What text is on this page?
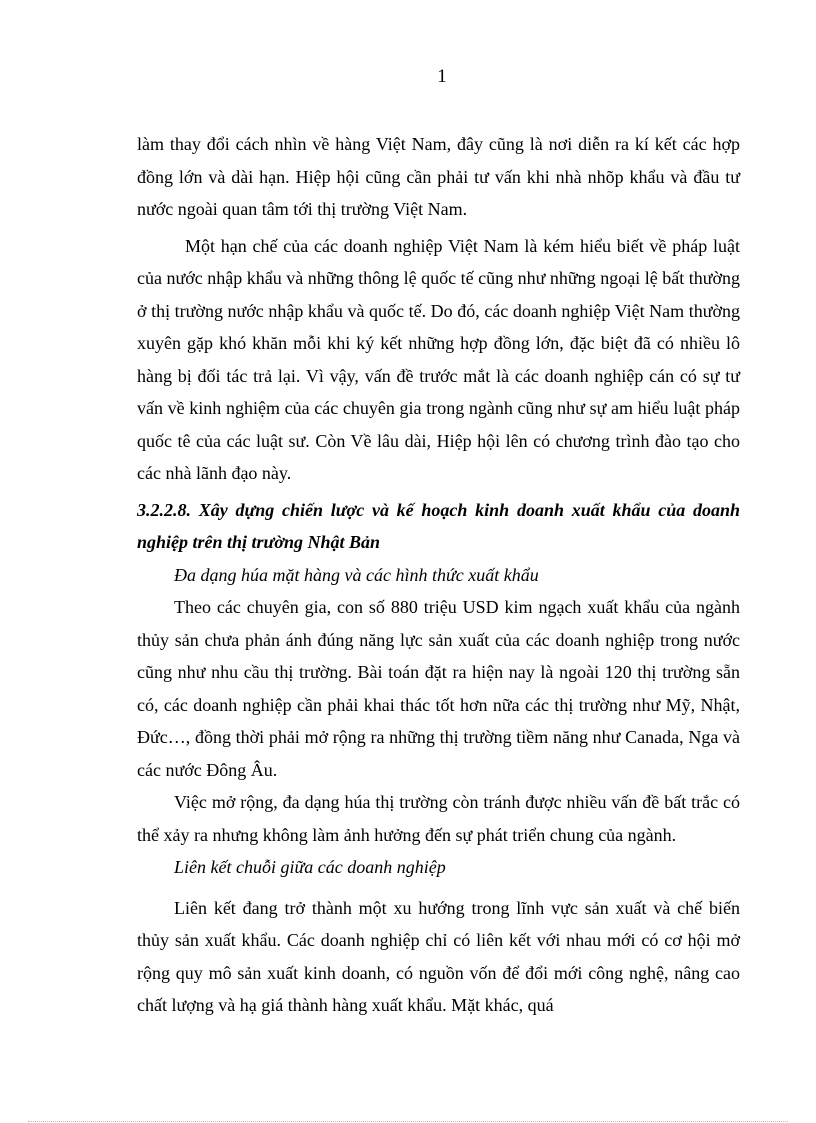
1

làm thay đổi cách nhìn về hàng Việt Nam, đây cũng là nơi diễn ra kí kết các hợp đồng lớn và dài hạn. Hiệp hội cũng cần phải tư vấn khi nhà nhõp khẩu và đầu tư nước ngoài quan tâm tới thị trường Việt Nam.

Một hạn chế của các doanh nghiệp Việt Nam là kém hiểu biết về pháp luật của nước nhập khẩu và những thông lệ quốc tế cũng như những ngoại lệ bất thường ở thị trường nước nhập khẩu và quốc tế. Do đó, các doanh nghiệp Việt Nam thường xuyên gặp khó khăn mỗi khi ký kết những hợp đồng lớn, đặc biệt đã có nhiều lô hàng bị đối tác trả lại. Vì vậy, vấn đề trước mắt là các doanh nghiệp cán có sự tư vấn về kinh nghiệm của các chuyên gia trong ngành cũng như sự am hiểu luật pháp quốc tê của các luật sư. Còn Về lâu dài, Hiệp hội lên có chương trình đào tạo cho các nhà lãnh đạo này.

3.2.2.8. Xây dựng chiến lược và kế hoạch kinh doanh xuất khẩu của doanh nghiệp trên thị trường Nhật Bản

Đa dạng húa mặt hàng và các hình thức xuất khẩu

Theo các chuyên gia, con số 880 triệu USD kim ngạch xuất khẩu của ngành thủy sản chưa phản ánh đúng năng lực sản xuất của các doanh nghiệp trong nước cũng như nhu cầu thị trường. Bài toán đặt ra hiện nay là ngoài 120 thị trường sẵn có, các doanh nghiệp cần phải khai thác tốt hơn nữa các thị trường như Mỹ, Nhật, Đức…, đồng thời phải mở rộng ra những thị trường tiềm năng như Canada, Nga và các nước Đông Âu.

Việc mở rộng, đa dạng húa thị trường còn tránh được nhiều vấn đề bất trắc có thể xảy ra nhưng không làm ảnh hưởng đến sự phát triển chung của ngành.

Liên kết chuỗi giữa các doanh nghiệp

Liên kết đang trở thành một xu hướng trong lĩnh vực sản xuất và chế biến thủy sản xuất khẩu. Các doanh nghiệp chỉ có liên kết với nhau mới có cơ hội mở rộng quy mô sản xuất kinh doanh, có nguồn vốn để đổi mới công nghệ, nâng cao chất lượng và hạ giá thành hàng xuất khẩu. Mặt khác, quá
